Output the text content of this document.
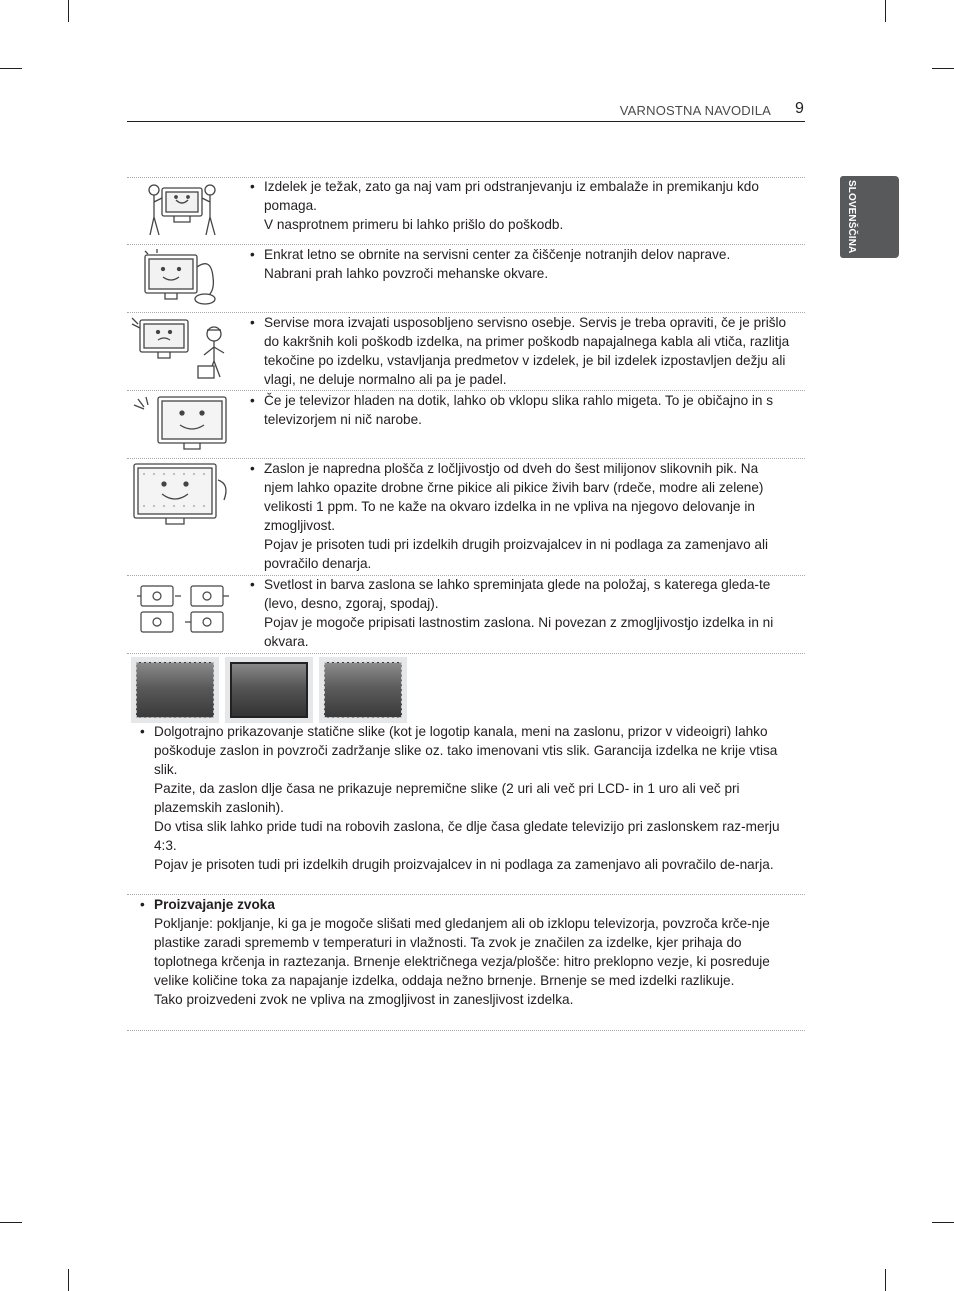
VARNOSTNA NAVODILA 9
SLOVENŠČINA
• Izdelek je težak, zato ga naj vam pri odstranjevanju iz embalaže in premikanju kdo pomaga.
V nasprotnem primeru bi lahko prišlo do poškodb.
• Enkrat letno se obrnite na servisni center za čiščenje notranjih delov naprave.
Nabrani prah lahko povzroči mehanske okvare.
• Servise mora izvajati usposobljeno servisno osebje. Servis je treba opraviti, če je prišlo do kakršnih koli poškodb izdelka, na primer poškodb napajalnega kabla ali vtiča, razlitja tekočine po izdelku, vstavljanja predmetov v izdelek, je bil izdelek izpostavljen dežju ali vlagi, ne deluje normalno ali pa je padel.
• Če je televizor hladen na dotik, lahko ob vklopu slika rahlo migeta. To je običajno in s televizorjem ni nič narobe.
• Zaslon je napredna plošča z ločljivostjo od dveh do šest milijonov slikovnih pik. Na njem lahko opazite drobne črne pikice ali pikice živih barv (rdeče, modre ali zelene) velikosti 1 ppm. To ne kaže na okvaro izdelka in ne vpliva na njegovo delovanje in zmogljivost.
Pojav je prisoten tudi pri izdelkih drugih proizvajalcev in ni podlaga za zamenjavo ali povračilo denarja.
• Svetlost in barva zaslona se lahko spreminjata glede na položaj, s katerega gleda-te (levo, desno, zgoraj, spodaj).
Pojav je mogoče pripisati lastnostim zaslona. Ni povezan z zmogljivostjo izdelka in ni okvara.
• Dolgotrajno prikazovanje statične slike (kot je logotip kanala, meni na zaslonu, prizor v videoigri) lahko poškoduje zaslon in povzroči zadržanje slike oz. tako imenovani vtis slik. Garancija izdelka ne krije vtisa slik.
Pazite, da zaslon dlje časa ne prikazuje nepremične slike (2 uri ali več pri LCD- in 1 uro ali več pri plazemskih zaslonih).
Do vtisa slik lahko pride tudi na robovih zaslona, če dlje časa gledate televizijo pri zaslonskem raz-merju 4:3.
Pojav je prisoten tudi pri izdelkih drugih proizvajalcev in ni podlaga za zamenjavo ali povračilo de-narja.
• Proizvajanje zvoka
Pokljanje: pokljanje, ki ga je mogoče slišati med gledanjem ali ob izklopu televizorja, povzroča krče-nje plastike zaradi sprememb v temperaturi in vlažnosti. Ta zvok je značilen za izdelke, kjer prihaja do toplotnega krčenja in raztezanja. Brnenje električnega vezja/plošče: hitro preklopno vezje, ki posreduje velike količine toka za napajanje izdelka, oddaja nežno brnenje. Brnenje se med izdelki razlikuje.
Tako proizvedeni zvok ne vpliva na zmogljivost in zanesljivost izdelka.
